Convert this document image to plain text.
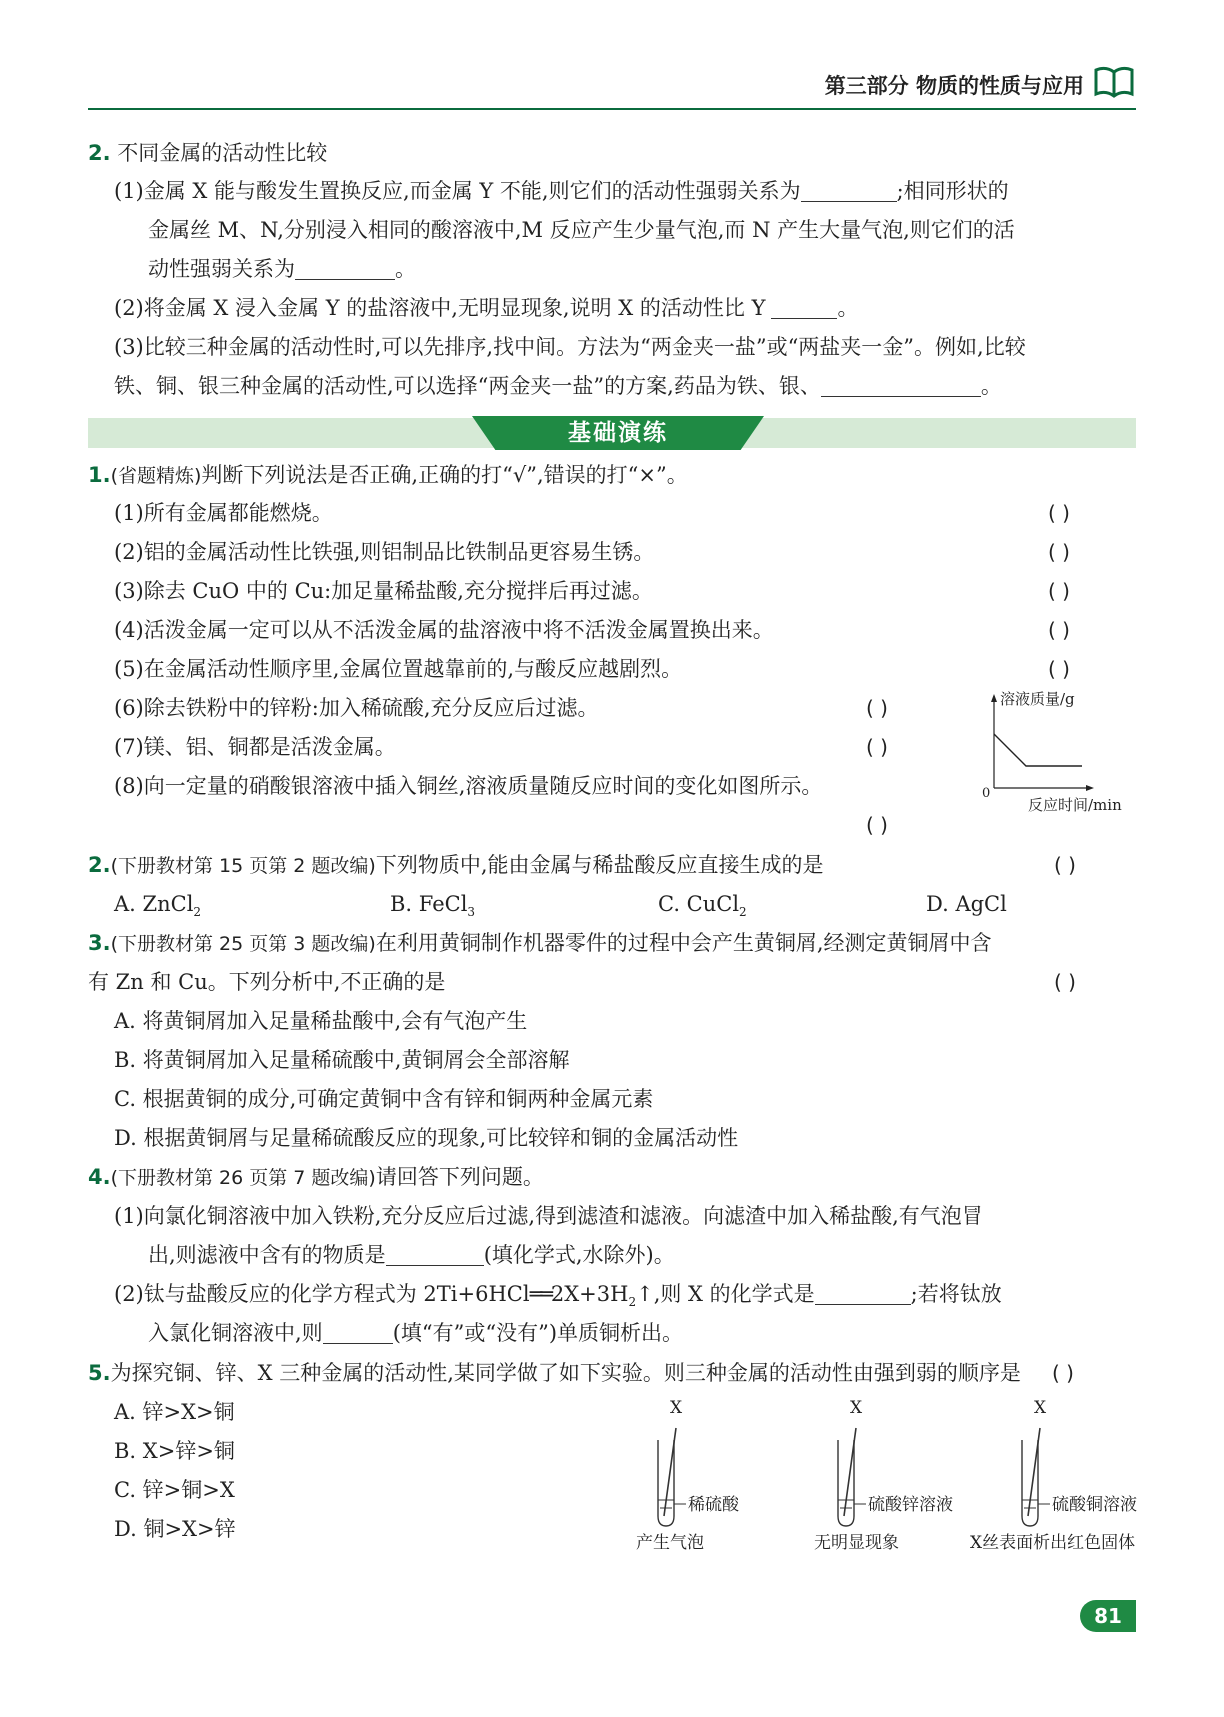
第三部分 物质的性质与应用
2. 不同金属的活动性比较
(1)金属 X 能与酸发生置换反应,而金属 Y 不能,则它们的活动性强弱关系为	;相同形状的
金属丝 M、N,分别浸入相同的酸溶液中,M 反应产生少量气泡,而 N 产生大量气泡,则它们的活
动性强弱关系为	。
(2)将金属 X 浸入金属 Y 的盐溶液中,无明显现象,说明 X 的活动性比 Y	。
(3)比较三种金属的活动性时,可以先排序,找中间。方法为“两金夹一盐”或“两盐夹一金”。例如,比较
铁、铜、银三种金属的活动性,可以选择“两金夹一盐”的方案,药品为铁、银、	。
基础演练
1.(省题精炼)判断下列说法是否正确,正确的打“√”,错误的打“×”。
(1)所有金属都能燃烧。	( )
(2)铝的金属活动性比铁强,则铝制品比铁制品更容易生锈。	( )
(3)除去 CuO 中的 Cu:加足量稀盐酸,充分搅拌后再过滤。	( )
(4)活泼金属一定可以从不活泼金属的盐溶液中将不活泼金属置换出来。	( )
(5)在金属活动性顺序里,金属位置越靠前的,与酸反应越剧烈。	( )
(6)除去铁粉中的锌粉:加入稀硫酸,充分反应后过滤。	( )
(7)镁、铝、铜都是活泼金属。	( )
(8)向一定量的硝酸银溶液中插入铜丝,溶液质量随反应时间的变化如图所示。
( )
溶液质量/g
0
反应时间/min
2.(下册教材第 15 页第 2 题改编)下列物质中,能由金属与稀盐酸反应直接生成的是	( )
A. ZnCl$_2$	B. FeCl$_3$	C. CuCl$_2$	D. AgCl
3.(下册教材第 25 页第 3 题改编)在利用黄铜制作机器零件的过程中会产生黄铜屑,经测定黄铜屑中含
有 Zn 和 Cu。下列分析中,不正确的是	( )
A. 将黄铜屑加入足量稀盐酸中,会有气泡产生
B. 将黄铜屑加入足量稀硫酸中,黄铜屑会全部溶解
C. 根据黄铜的成分,可确定黄铜中含有锌和铜两种金属元素
D. 根据黄铜屑与足量稀硫酸反应的现象,可比较锌和铜的金属活动性
4.(下册教材第 26 页第 7 题改编)请回答下列问题。
(1)向氯化铜溶液中加入铁粉,充分反应后过滤,得到滤渣和滤液。向滤渣中加入稀盐酸,有气泡冒
出,则滤液中含有的物质是	(填化学式,水除外)。
(2)钛与盐酸反应的化学方程式为 $2Ti+6HCl══2X+3H_2↑$,则 X 的化学式是	;若将钛放
入氯化铜溶液中,则	(填“有”或“没有”)单质铜析出。
5.为探究铜、锌、X 三种金属的活动性,某同学做了如下实验。则三种金属的活动性由强到弱的顺序是 ( )
A. 锌>X>铜
B. X>锌>铜
C. 锌>铜>X
D. 铜>X>锌
X
稀硫酸
产生气泡
X
硫酸锌溶液
无明显现象
X
硫酸铜溶液
X丝表面析出红色固体
81
